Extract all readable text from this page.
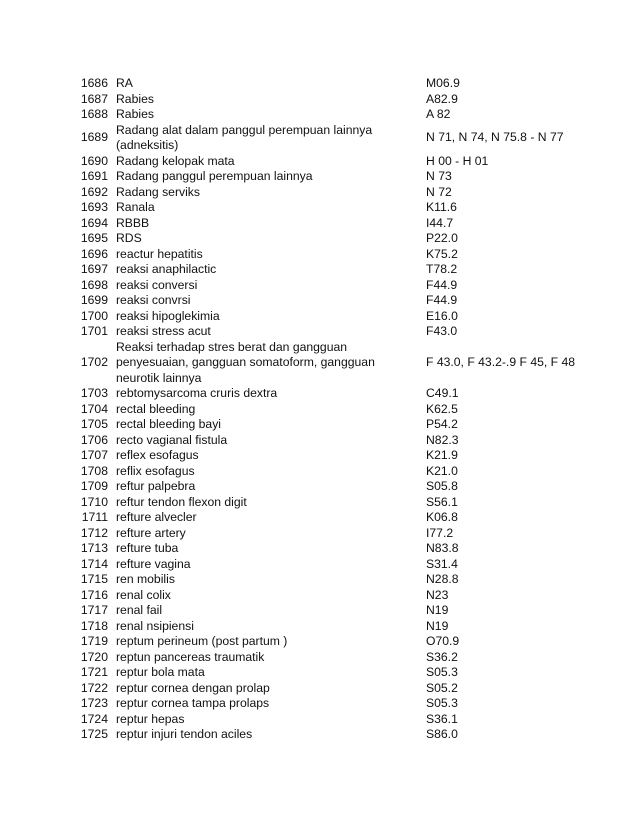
1686	RA	M06.9
1687	Rabies	A82.9
1688	Rabies	A 82
1689	Radang alat dalam panggul perempuan lainnya (adneksitis)	N 71, N 74, N 75.8 - N 77
1690	Radang kelopak mata	H 00 - H 01
1691	Radang panggul perempuan lainnya	N 73
1692	Radang serviks	N 72
1693	Ranala	K11.6
1694	RBBB	I44.7
1695	RDS	P22.0
1696	reactur hepatitis	K75.2
1697	reaksi anaphilactic	T78.2
1698	reaksi conversi	F44.9
1699	reaksi convrsi	F44.9
1700	reaksi hipoglekimia	E16.0
1701	reaksi stress acut	F43.0
1702	Reaksi terhadap stres berat dan gangguan penyesuaian, gangguan somatoform, gangguan neurotik lainnya	F 43.0, F 43.2-.9 F 45, F 48
1703	rebtomysarcoma cruris dextra	C49.1
1704	rectal bleeding	K62.5
1705	rectal bleeding bayi	P54.2
1706	recto vagianal fistula	N82.3
1707	reflex esofagus	K21.9
1708	reflix esofagus	K21.0
1709	reftur palpebra	S05.8
1710	reftur tendon flexon digit	S56.1
1711	refture alvecler	K06.8
1712	refture artery	I77.2
1713	refture tuba	N83.8
1714	refture vagina	S31.4
1715	ren mobilis	N28.8
1716	renal colix	N23
1717	renal fail	N19
1718	renal nsipiensi	N19
1719	reptum perineum (post partum )	O70.9
1720	reptun pancereas traumatik	S36.2
1721	reptur bola mata	S05.3
1722	reptur cornea dengan prolap	S05.2
1723	reptur cornea tampa prolaps	S05.3
1724	reptur hepas	S36.1
1725	reptur injuri tendon aciles	S86.0
